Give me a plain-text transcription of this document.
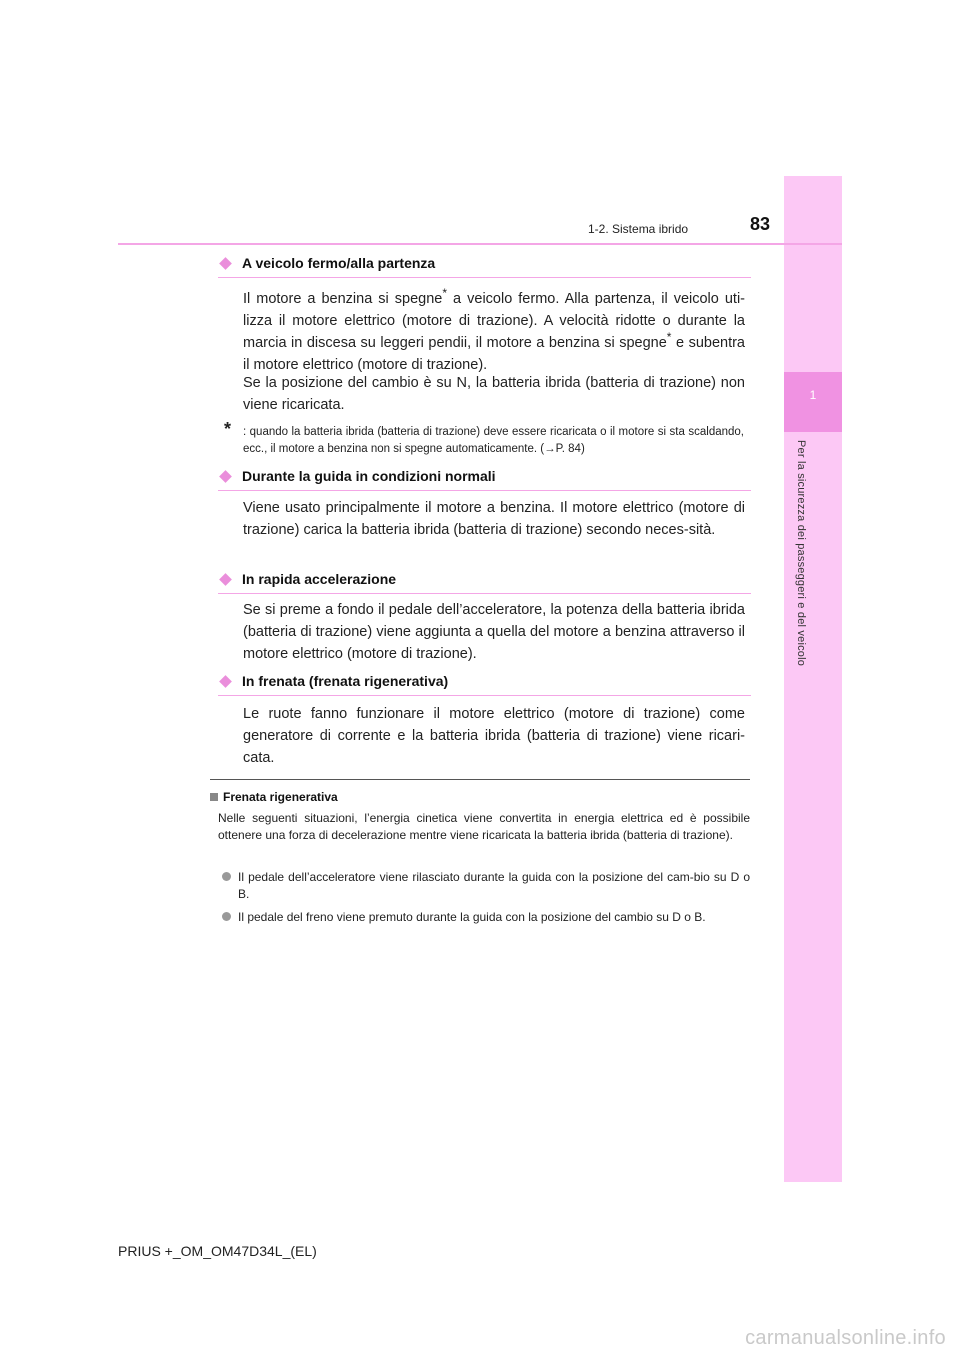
1
Per la sicurezza dei passeggeri e del veicolo
1-2. Sistema ibrido	83
A veicolo fermo/alla partenza
Il motore a benzina si spegne* a veicolo fermo. Alla partenza, il veicolo uti-lizza il motore elettrico (motore di trazione). A velocità ridotte o durante la marcia in discesa su leggeri pendii, il motore a benzina si spegne* e subentra il motore elettrico (motore di trazione).
Se la posizione del cambio è su N, la batteria ibrida (batteria di trazione) non viene ricaricata.
*	: quando la batteria ibrida (batteria di trazione) deve essere ricaricata o il motore si sta scaldando, ecc., il motore a benzina non si spegne automaticamente. (→P. 84)
Durante la guida in condizioni normali
Viene usato principalmente il motore a benzina. Il motore elettrico (motore di trazione) carica la batteria ibrida (batteria di trazione) secondo neces-sità.
In rapida accelerazione
Se si preme a fondo il pedale dell’acceleratore, la potenza della batteria ibrida (batteria di trazione) viene aggiunta a quella del motore a benzina attraverso il motore elettrico (motore di trazione).
In frenata (frenata rigenerativa)
Le ruote fanno funzionare il motore elettrico (motore di trazione) come generatore di corrente e la batteria ibrida (batteria di trazione) viene ricari-cata.
Frenata rigenerativa
Nelle seguenti situazioni, l’energia cinetica viene convertita in energia elettrica ed è possibile ottenere una forza di decelerazione mentre viene ricaricata la batteria ibrida (batteria di trazione).
Il pedale dell’acceleratore viene rilasciato durante la guida con la posizione del cam-bio su D o B.
Il pedale del freno viene premuto durante la guida con la posizione del cambio su D o B.
PRIUS +_OM_OM47D34L_(EL)
carmanualsonline.info
